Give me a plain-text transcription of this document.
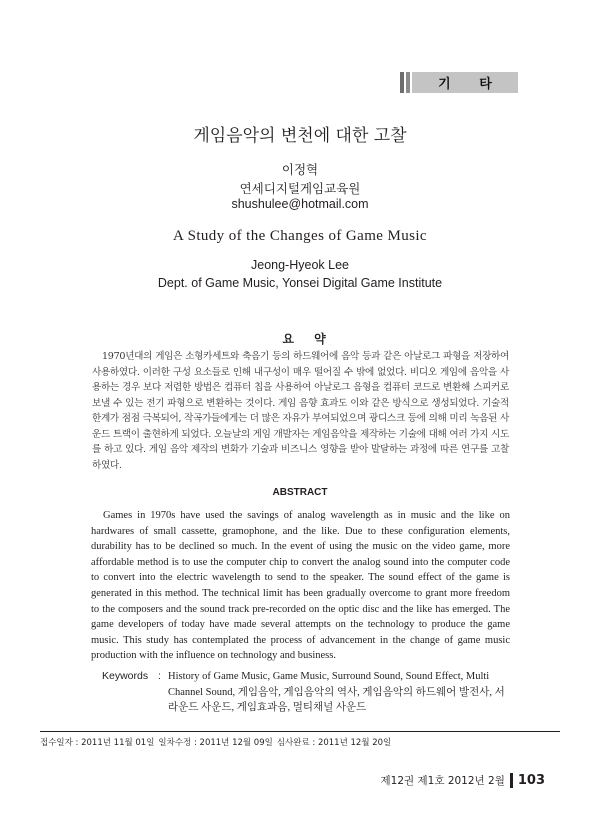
기 타
게임음악의 변천에 대한 고찰
이정혁
연세디지털게임교육원
shushulee@hotmail.com
A Study of the Changes of Game Music
Jeong-Hyeok Lee
Dept. of Game Music, Yonsei Digital Game Institute
요 약
1970년대의 게임은 소형카세트와 축음기 등의 하드웨어에 음악 등과 같은 아날로그 파형을 저장하여 사용하였다. 이러한 구성 요소들로 인해 내구성이 매우 떨어질 수 밖에 없었다. 비디오 게임에 음악을 사용하는 경우 보다 저렴한 방법은 컴퓨터 칩을 사용하여 아날로그 음형을 컴퓨터 코드로 변환해 스피커로 보낼 수 있는 전기 파형으로 변환하는 것이다. 게임 음향 효과도 이와 같은 방식으로 생성되었다. 기술적 한계가 점점 극복되어, 작곡가들에게는 더 많은 자유가 부여되었으며 광디스크 등에 의해 미리 녹음된 사운드 트랙이 출현하게 되었다. 오늘날의 게임 개발자는 게임음악을 제작하는 기술에 대해 여러 가지 시도를 하고 있다. 게임 음악 제작의 변화가 기술과 비즈니스 영향을 받아 발달하는 과정에 따른 연구를 고찰하였다.
ABSTRACT
Games in 1970s have used the savings of analog wavelength as in music and the like on hardwares of small cassette, gramophone, and the like. Due to these configuration elements, durability has to be declined so much. In the event of using the music on the video game, more affordable method is to use the computer chip to convert the analog sound into the computer code to convert into the electric wavelength to send to the speaker. The sound effect of the game is generated in this method. The technical limit has been gradually overcome to grant more freedom to the composers and the sound track pre-recorded on the optic disc and the like has emerged. The game developers of today have made several attempts on the technology to produce the game music. This study has contemplated the process of advancement in the change of game music production with the influence on technology and business.
Keywords : History of Game Music, Game Music, Surround Sound, Sound Effect, Multi Channel Sound, 게임음악, 게임음악의 역사, 게임음악의 하드웨어 발전사, 서라운드 사운드, 게임효과음, 멀티채널 사운드
접수일자 : 2011년 11월 01일 일차수정 : 2011년 12월 09일 심사완료 : 2011년 12월 20일
제12권 제1호 2012년 2월 103
